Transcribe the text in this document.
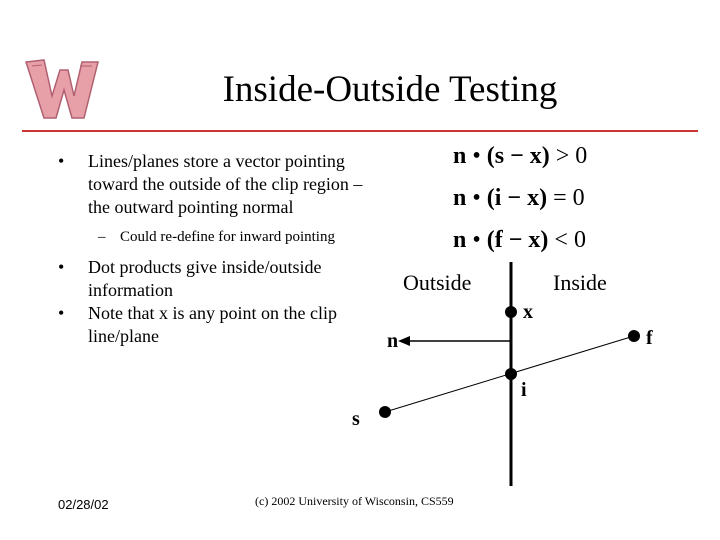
Inside-Outside Testing
• Lines/planes store a vector pointing toward the outside of the clip region – the outward pointing normal
– Could re-define for inward pointing
• Dot products give inside/outside information
• Note that x is any point on the clip line/plane
n • (s − x) > 0
n • (i − x) = 0
n • (f − x) < 0
Outside	Inside
x
f
n
i
s
02/28/02	(c) 2002 University of Wisconsin, CS559
